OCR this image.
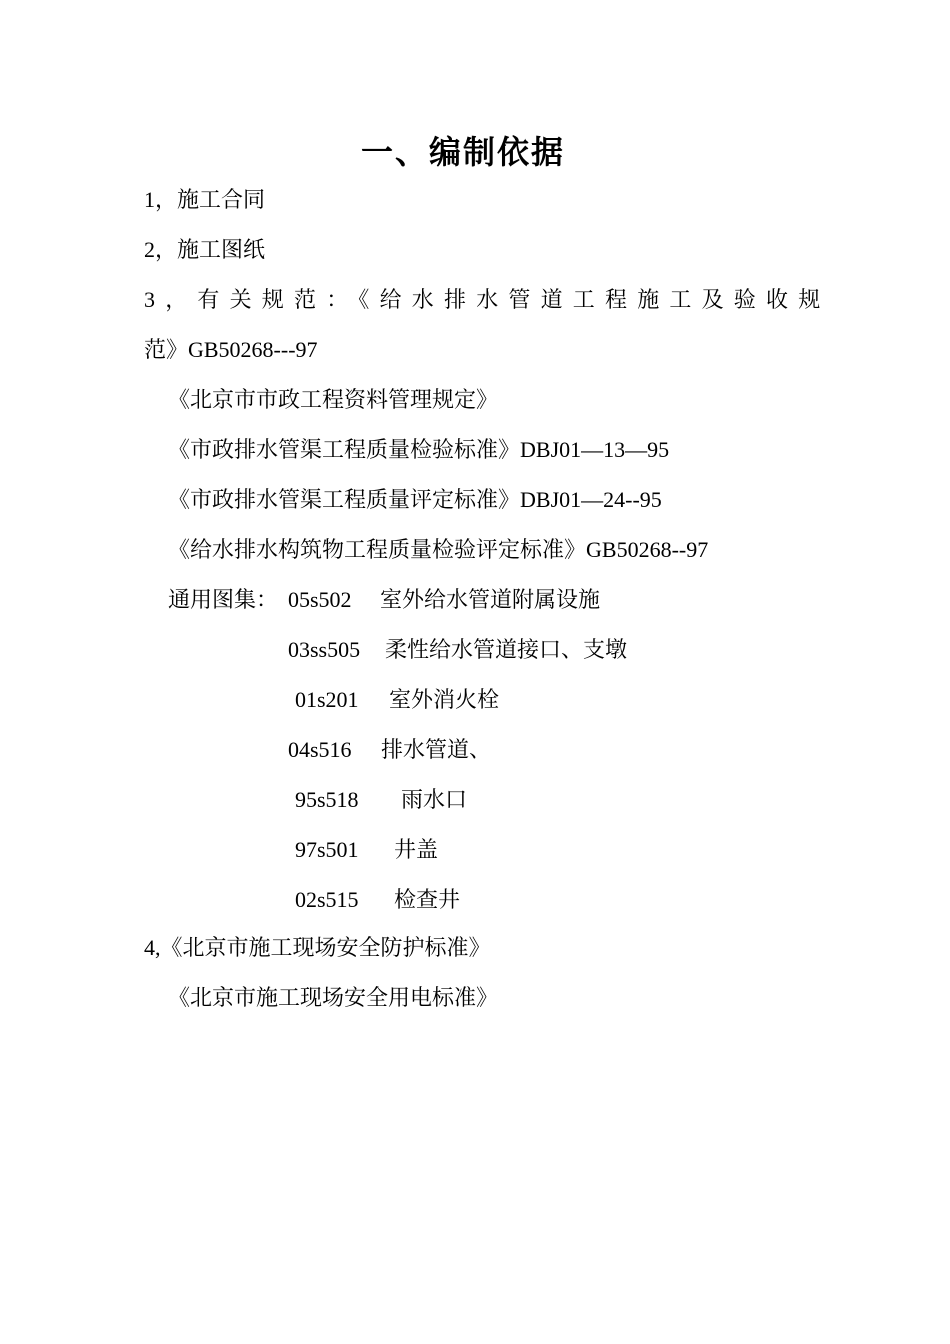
一、编制依据
1，施工合同
2，施工图纸
3，有关规范：《给水排水管道工程施工及验收规
范》GB50268---97
《北京市市政工程资料管理规定》
《市政排水管渠工程质量检验标准》DBJ01—13—95
《市政排水管渠工程质量评定标准》DBJ01—24--95
《给水排水构筑物工程质量检验评定标准》GB50268--97
通用图集： 05s502 室外给水管道附属设施
03ss505 柔性给水管道接口、支墩
01s201 室外消火栓
04s516 排水管道、
95s518 雨水口
97s501 井盖
02s515 检查井
4,《北京市施工现场安全防护标准》
《北京市施工现场安全用电标准》
